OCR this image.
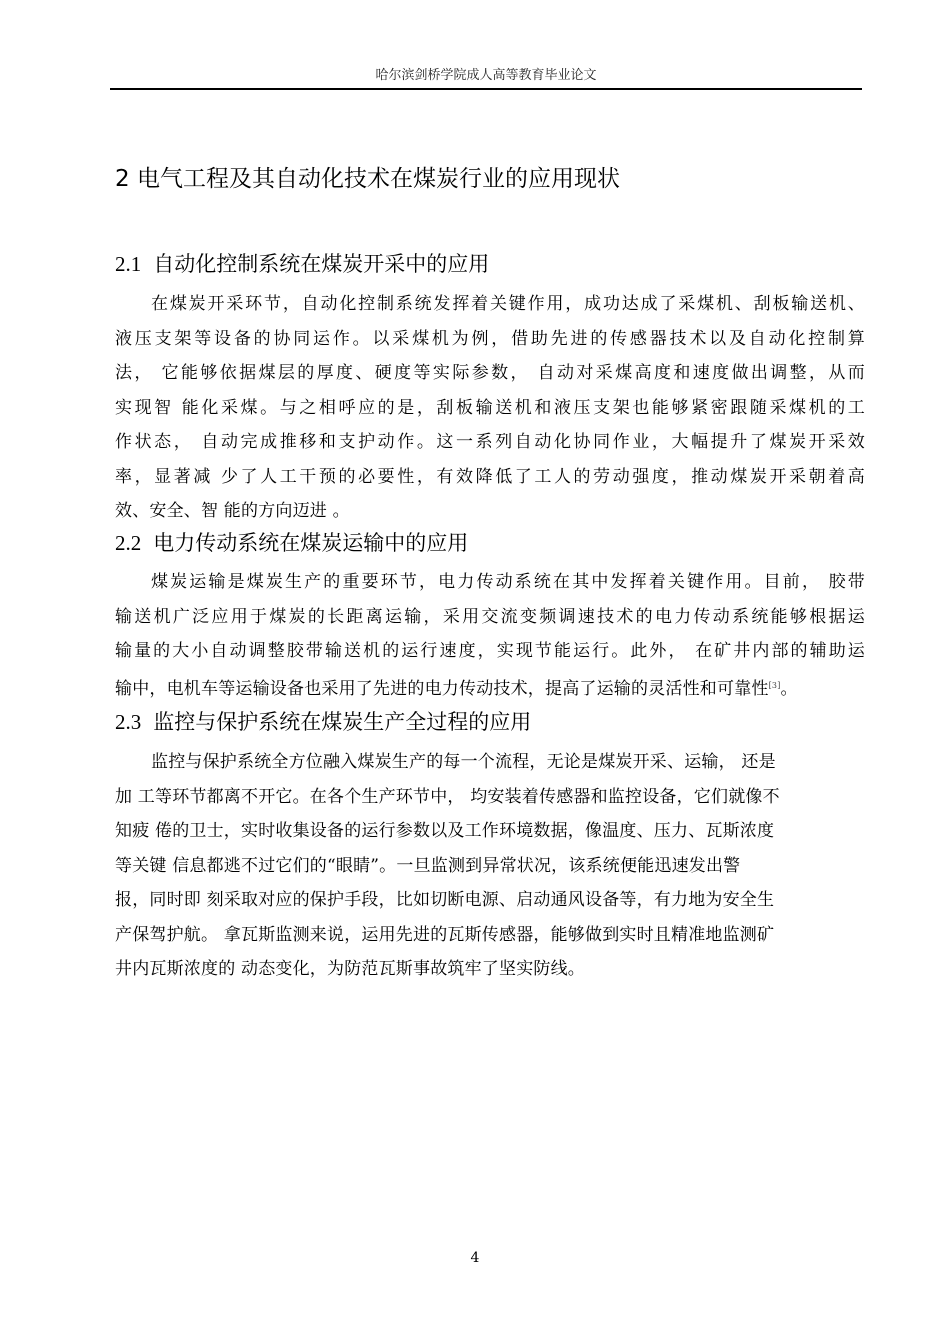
哈尔滨剑桥学院成人高等教育毕业论文
2 电气工程及其自动化技术在煤炭行业的应用现状
2.1 自动化控制系统在煤炭开采中的应用
在煤炭开采环节，自动化控制系统发挥着关键作用，成功达成了采煤机、刮板输送机、
液压支架等设备的协同运作。以采煤机为例，借助先进的传感器技术以及自动化控制算
法， 它能够依据煤层的厚度、硬度等实际参数， 自动对采煤高度和速度做出调整，从而
实现智 能化采煤。与之相呼应的是，刮板输送机和液压支架也能够紧密跟随采煤机的工
作状态， 自动完成推移和支护动作。这一系列自动化协同作业，大幅提升了煤炭开采效
率，显著减 少了人工干预的必要性，有效降低了工人的劳动强度，推动煤炭开采朝着高
效、安全、智 能的方向迈进 。
2.2 电力传动系统在煤炭运输中的应用
煤炭运输是煤炭生产的重要环节，电力传动系统在其中发挥着关键作用。目前， 胶带
输送机广泛应用于煤炭的长距离运输，采用交流变频调速技术的电力传动系统能够根据运
输量的大小自动调整胶带输送机的运行速度，实现节能运行。此外， 在矿井内部的辅助运
输中，电机车等运输设备也采用了先进的电力传动技术，提高了运输的灵活性和可靠性[3]。
2.3 监控与保护系统在煤炭生产全过程的应用
监控与保护系统全方位融入煤炭生产的每一个流程，无论是煤炭开采、运输， 还是
加 工等环节都离不开它。在各个生产环节中， 均安装着传感器和监控设备，它们就像不
知疲 倦的卫士，实时收集设备的运行参数以及工作环境数据，像温度、压力、瓦斯浓度
等关键 信息都逃不过它们的“眼睛”。一旦监测到异常状况，该系统便能迅速发出警
报，同时即 刻采取对应的保护手段，比如切断电源、启动通风设备等，有力地为安全生
产保驾护航。 拿瓦斯监测来说，运用先进的瓦斯传感器，能够做到实时且精准地监测矿
井内瓦斯浓度的 动态变化，为防范瓦斯事故筑牢了坚实防线。
4
